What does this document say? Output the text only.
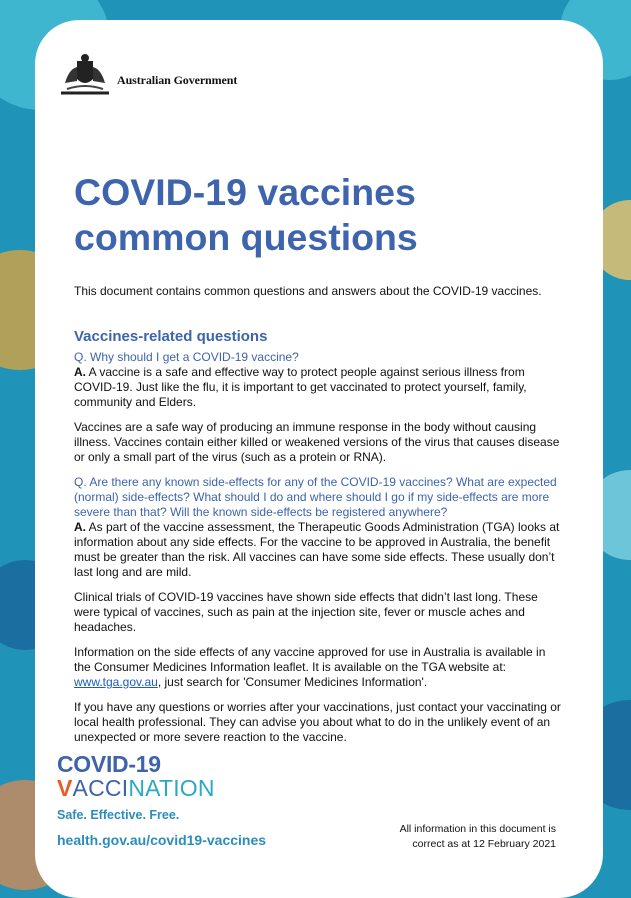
Australian Government
COVID-19 vaccines
common questions
This document contains common questions and answers about the COVID-19 vaccines.
Vaccines-related questions

Q. Why should I get a COVID-19 vaccine?

A. A vaccine is a safe and effective way to protect people against serious illness from COVID-19. Just like the flu, it is important to get vaccinated to protect yourself, family, community and Elders.

Vaccines are a safe way of producing an immune response in the body without causing illness. Vaccines contain either killed or weakened versions of the virus that causes disease or only a small part of the virus (such as a protein or RNA).

Q. Are there any known side-effects for any of the COVID-19 vaccines? What are expected (normal) side-effects? What should I do and where should I go if my side-effects are more severe than that? Will the known side-effects be registered anywhere?

A. As part of the vaccine assessment, the Therapeutic Goods Administration (TGA) looks at information about any side effects. For the vaccine to be approved in Australia, the benefit must be greater than the risk. All vaccines can have some side effects. These usually don’t last long and are mild.

Clinical trials of COVID-19 vaccines have shown side effects that didn’t last long. These were typical of vaccines, such as pain at the injection site, fever or muscle aches and headaches.

Information on the side effects of any vaccine approved for use in Australia is available in the Consumer Medicines Information leaflet. It is available on the TGA website at: www.tga.gov.au, just search for 'Consumer Medicines Information'.

If you have any questions or worries after your vaccinations, just contact your vaccinating or local health professional. They can advise you about what to do in the unlikely event of an unexpected or more severe reaction to the vaccine.

COVID-19
VACCINATION
Safe. Effective. Free.
health.gov.au/covid19-vaccines
All information in this document is
correct as at 12 February 2021
